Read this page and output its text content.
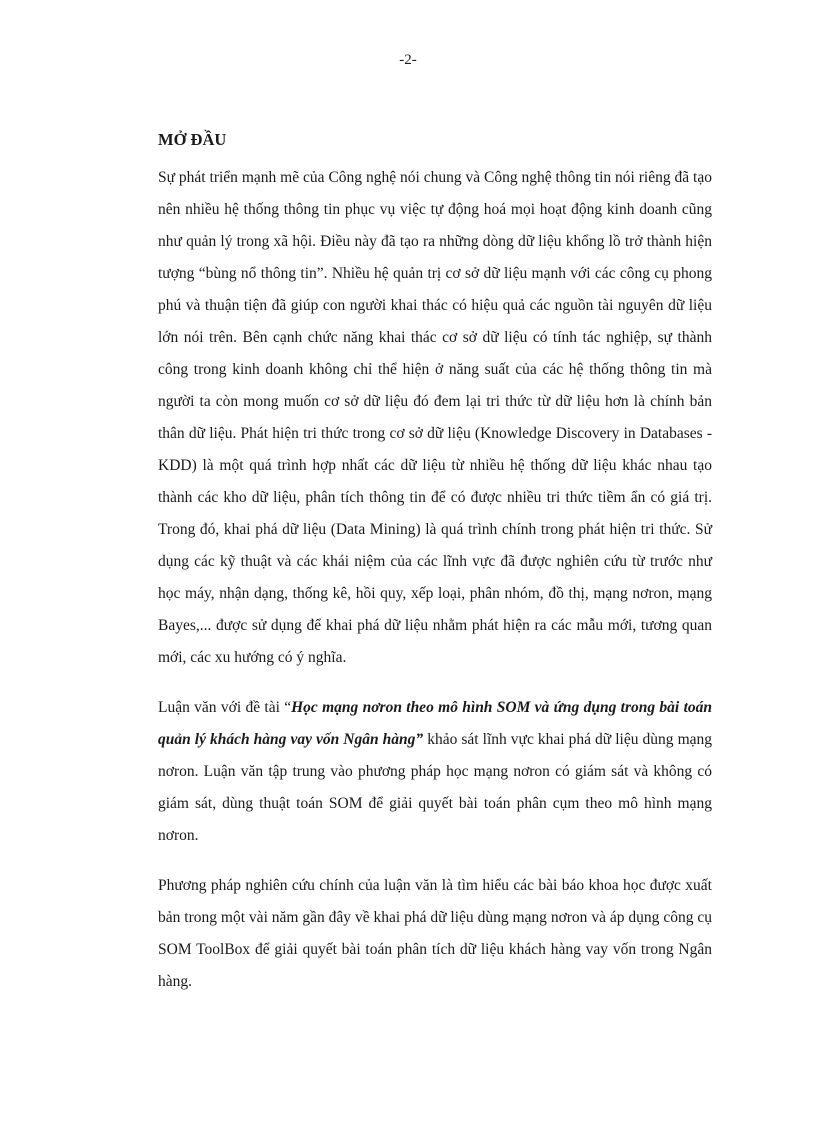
-2-
MỞ ĐẦU

Sự phát triển mạnh mẽ của Công nghệ nói chung và Công nghệ thông tin nói riêng đã tạo nên nhiều hệ thống thông tin phục vụ việc tự động hoá mọi hoạt động kinh doanh cũng như quản lý trong xã hội. Điều này đã tạo ra những dòng dữ liệu khổng lồ trở thành hiện tượng “bùng nổ thông tin”. Nhiều hệ quản trị cơ sở dữ liệu mạnh với các công cụ phong phú và thuận tiện đã giúp con người khai thác có hiệu quả các nguồn tài nguyên dữ liệu lớn nói trên. Bên cạnh chức năng khai thác cơ sở dữ liệu có tính tác nghiệp, sự thành công trong kinh doanh không chỉ thể hiện ở năng suất của các hệ thống thông tin mà người ta còn mong muốn cơ sở dữ liệu đó đem lại tri thức từ dữ liệu hơn là chính bản thân dữ liệu. Phát hiện tri thức trong cơ sở dữ liệu (Knowledge Discovery in Databases - KDD) là một quá trình hợp nhất các dữ liệu từ nhiều hệ thống dữ liệu khác nhau tạo thành các kho dữ liệu, phân tích thông tin để có được nhiều tri thức tiềm ẩn có giá trị. Trong đó, khai phá dữ liệu (Data Mining) là quá trình chính trong phát hiện tri thức. Sử dụng các kỹ thuật và các khái niệm của các lĩnh vực đã được nghiên cứu từ trước như học máy, nhận dạng, thống kê, hồi quy, xếp loại, phân nhóm, đồ thị, mạng nơron, mạng Bayes,... được sử dụng để khai phá dữ liệu nhằm phát hiện ra các mẫu mới, tương quan mới, các xu hướng có ý nghĩa.

Luận văn với đề tài “Học mạng nơron theo mô hình SOM và ứng dụng trong bài toán quản lý khách hàng vay vốn Ngân hàng” khảo sát lĩnh vực khai phá dữ liệu dùng mạng nơron. Luận văn tập trung vào phương pháp học mạng nơron có giám sát và không có giám sát, dùng thuật toán SOM để giải quyết bài toán phân cụm theo mô hình mạng nơron.

Phương pháp nghiên cứu chính của luận văn là tìm hiểu các bài báo khoa học được xuất bản trong một vài năm gần đây về khai phá dữ liệu dùng mạng nơron và áp dụng công cụ SOM ToolBox để giải quyết bài toán phân tích dữ liệu khách hàng vay vốn trong Ngân hàng.
